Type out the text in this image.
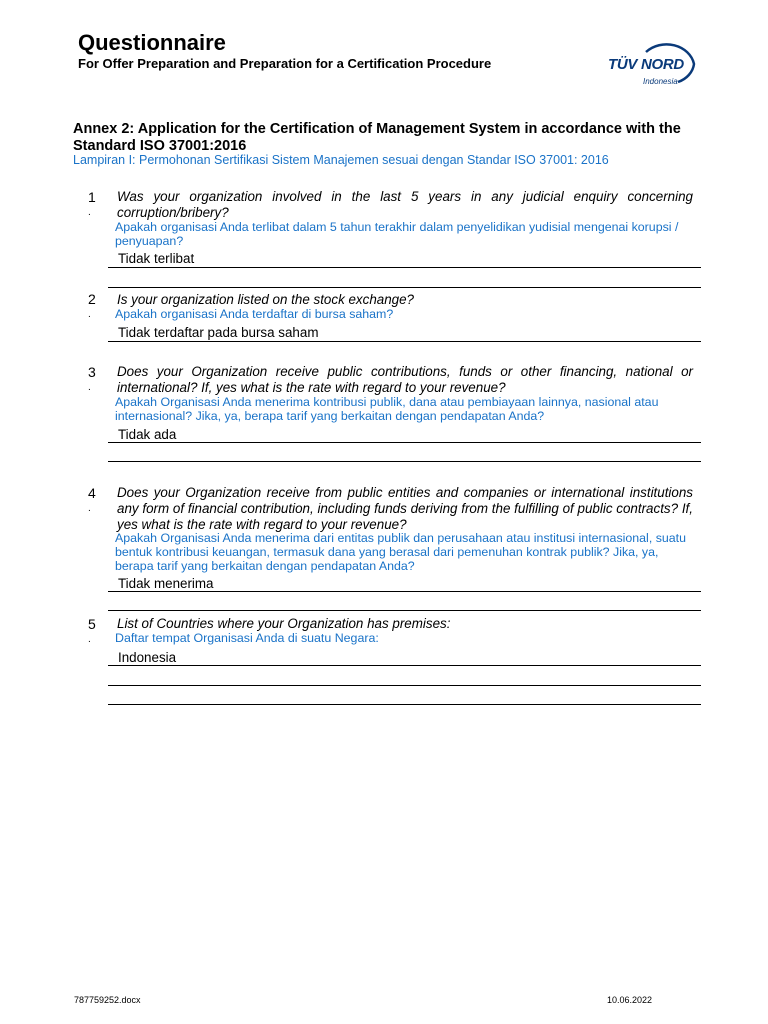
Questionnaire
For Offer Preparation and Preparation for a Certification Procedure	TÜV NORD
Indonesia
Annex 2: Application for the Certification of Management System in accordance with the Standard ISO 37001:2016
Lampiran I: Permohonan Sertifikasi Sistem Manajemen sesuai dengan Standar ISO 37001: 2016
1
.
Was your organization involved in the last 5 years in any judicial enquiry concerning corruption/bribery?
Apakah organisasi Anda terlibat dalam 5 tahun terakhir dalam penyelidikan yudisial mengenai korupsi / penyuapan?
Tidak terlibat
2
.
Is your organization listed on the stock exchange?
Apakah organisasi Anda terdaftar di bursa saham?
Tidak terdaftar pada bursa saham
3
.
Does your Organization receive public contributions, funds or other financing, national or international? If, yes what is the rate with regard to your revenue?
Apakah Organisasi Anda menerima kontribusi publik, dana atau pembiayaan lainnya, nasional atau internasional? Jika, ya, berapa tarif yang berkaitan dengan pendapatan Anda?
Tidak ada
4
.
Does your Organization receive from public entities and companies or international institutions any form of financial contribution, including funds deriving from the fulfilling of public contracts? If, yes what is the rate with regard to your revenue?
Apakah Organisasi Anda menerima dari entitas publik dan perusahaan atau institusi internasional, suatu bentuk kontribusi keuangan, termasuk dana yang berasal dari pemenuhan kontrak publik? Jika, ya, berapa tarif yang berkaitan dengan pendapatan Anda?
Tidak menerima
5
.
List of Countries where your Organization has premises:
Daftar tempat Organisasi Anda di suatu Negara:
Indonesia
787759252.docx	10.06.2022
